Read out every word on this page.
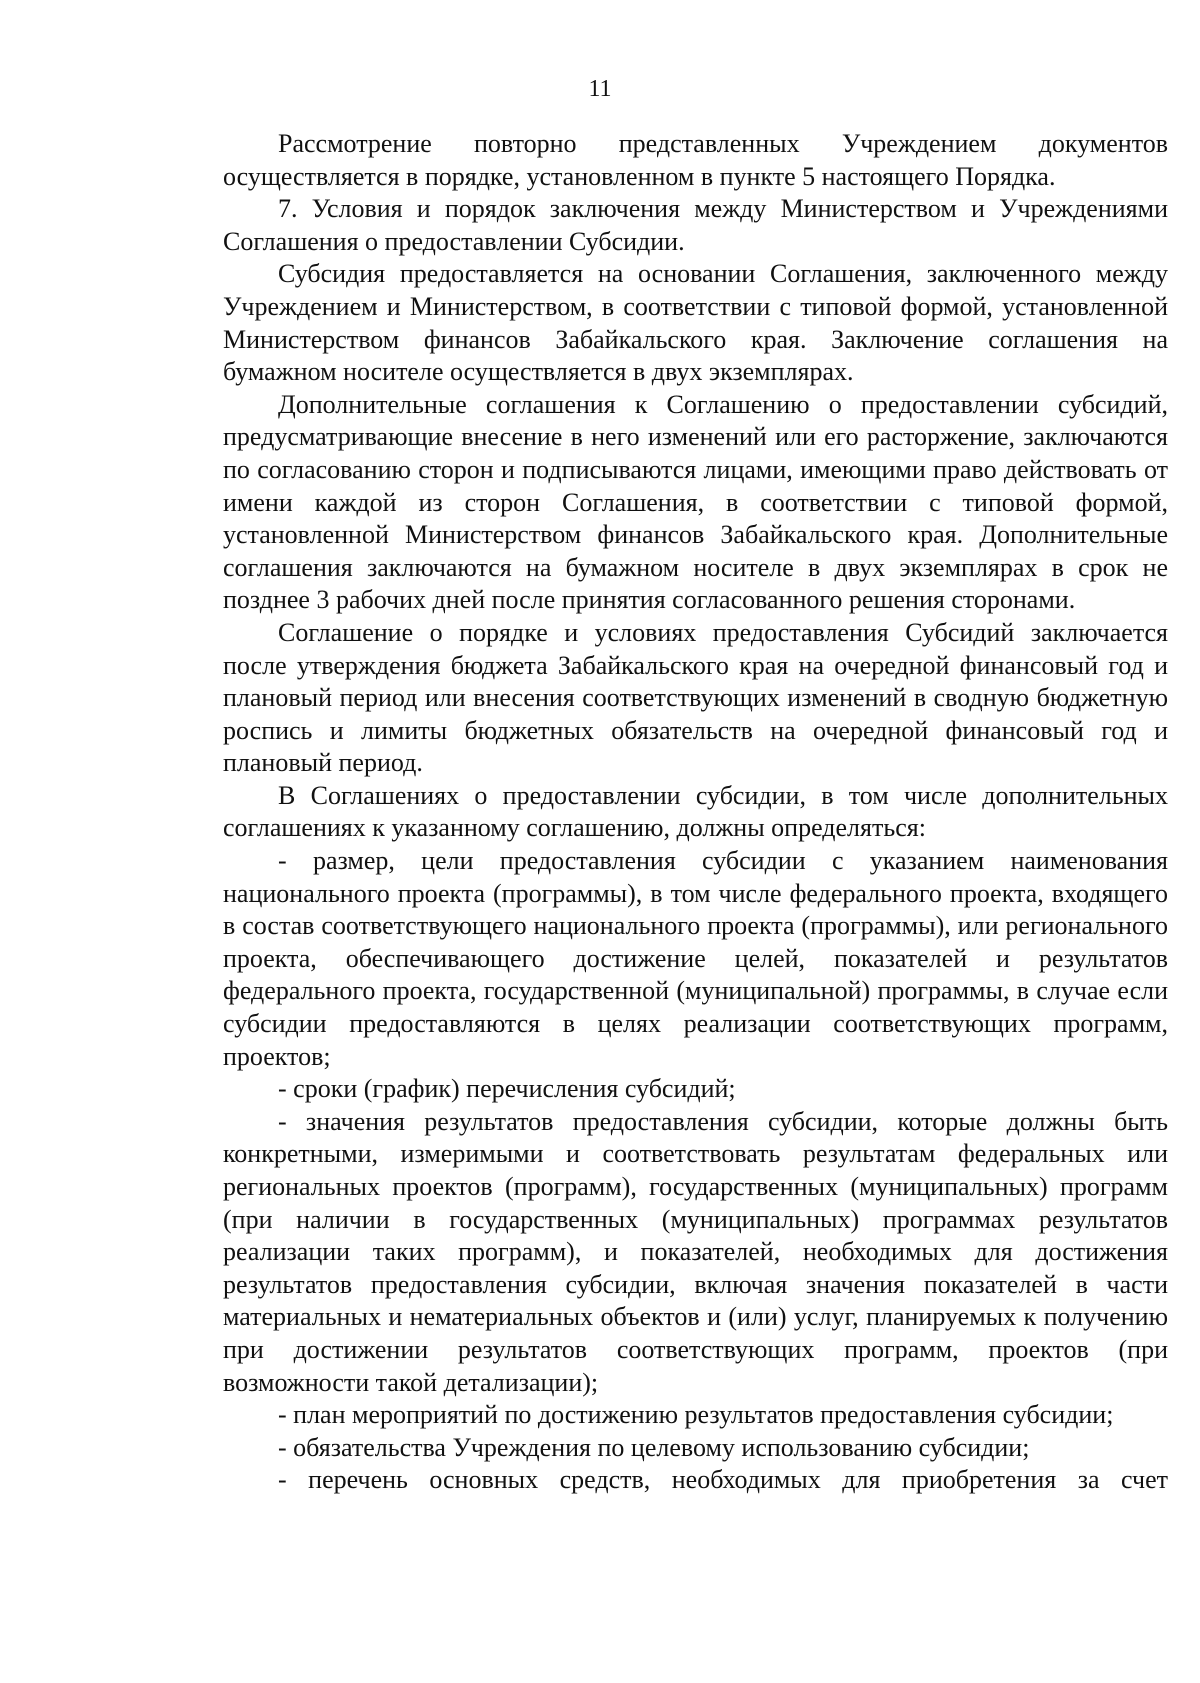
11

Рассмотрение повторно представленных Учреждением документов осуществляется в порядке, установленном в пункте 5 настоящего Порядка.

7. Условия и порядок заключения между Министерством и Учреждениями Соглашения о предоставлении Субсидии.

Субсидия предоставляется на основании Соглашения, заключенного между Учреждением и Министерством, в соответствии с типовой формой, установленной Министерством финансов Забайкальского края. Заключение соглашения на бумажном носителе осуществляется в двух экземплярах.

Дополнительные соглашения к Соглашению о предоставлении субсидий, предусматривающие внесение в него изменений или его расторжение, заключаются по согласованию сторон и подписываются лицами, имеющими право действовать от имени каждой из сторон Соглашения, в соответствии с типовой формой, установленной Министерством финансов Забайкальского края. Дополнительные соглашения заключаются на бумажном носителе в двух экземплярах в срок не позднее 3 рабочих дней после принятия согласованного решения сторонами.

Соглашение о порядке и условиях предоставления Субсидий заключается после утверждения бюджета Забайкальского края на очередной финансовый год и плановый период или внесения соответствующих изменений в сводную бюджетную роспись и лимиты бюджетных обязательств на очередной финансовый год и плановый период.

В Соглашениях о предоставлении субсидии, в том числе дополнительных соглашениях к указанному соглашению, должны определяться:

- размер, цели предоставления субсидии с указанием наименования национального проекта (программы), в том числе федерального проекта, входящего в состав соответствующего национального проекта (программы), или регионального проекта, обеспечивающего достижение целей, показателей и результатов федерального проекта, государственной (муниципальной) программы, в случае если субсидии предоставляются в целях реализации соответствующих программ, проектов;

- сроки (график) перечисления субсидий;

- значения результатов предоставления субсидии, которые должны быть конкретными, измеримыми и соответствовать результатам федеральных или региональных проектов (программ), государственных (муниципальных) программ (при наличии в государственных (муниципальных) программах результатов реализации таких программ), и показателей, необходимых для достижения результатов предоставления субсидии, включая значения показателей в части материальных и нематериальных объектов и (или) услуг, планируемых к получению при достижении результатов соответствующих программ, проектов (при возможности такой детализации);

- план мероприятий по достижению результатов предоставления субсидии;

- обязательства Учреждения по целевому использованию субсидии;

- перечень основных средств, необходимых для приобретения за счет
